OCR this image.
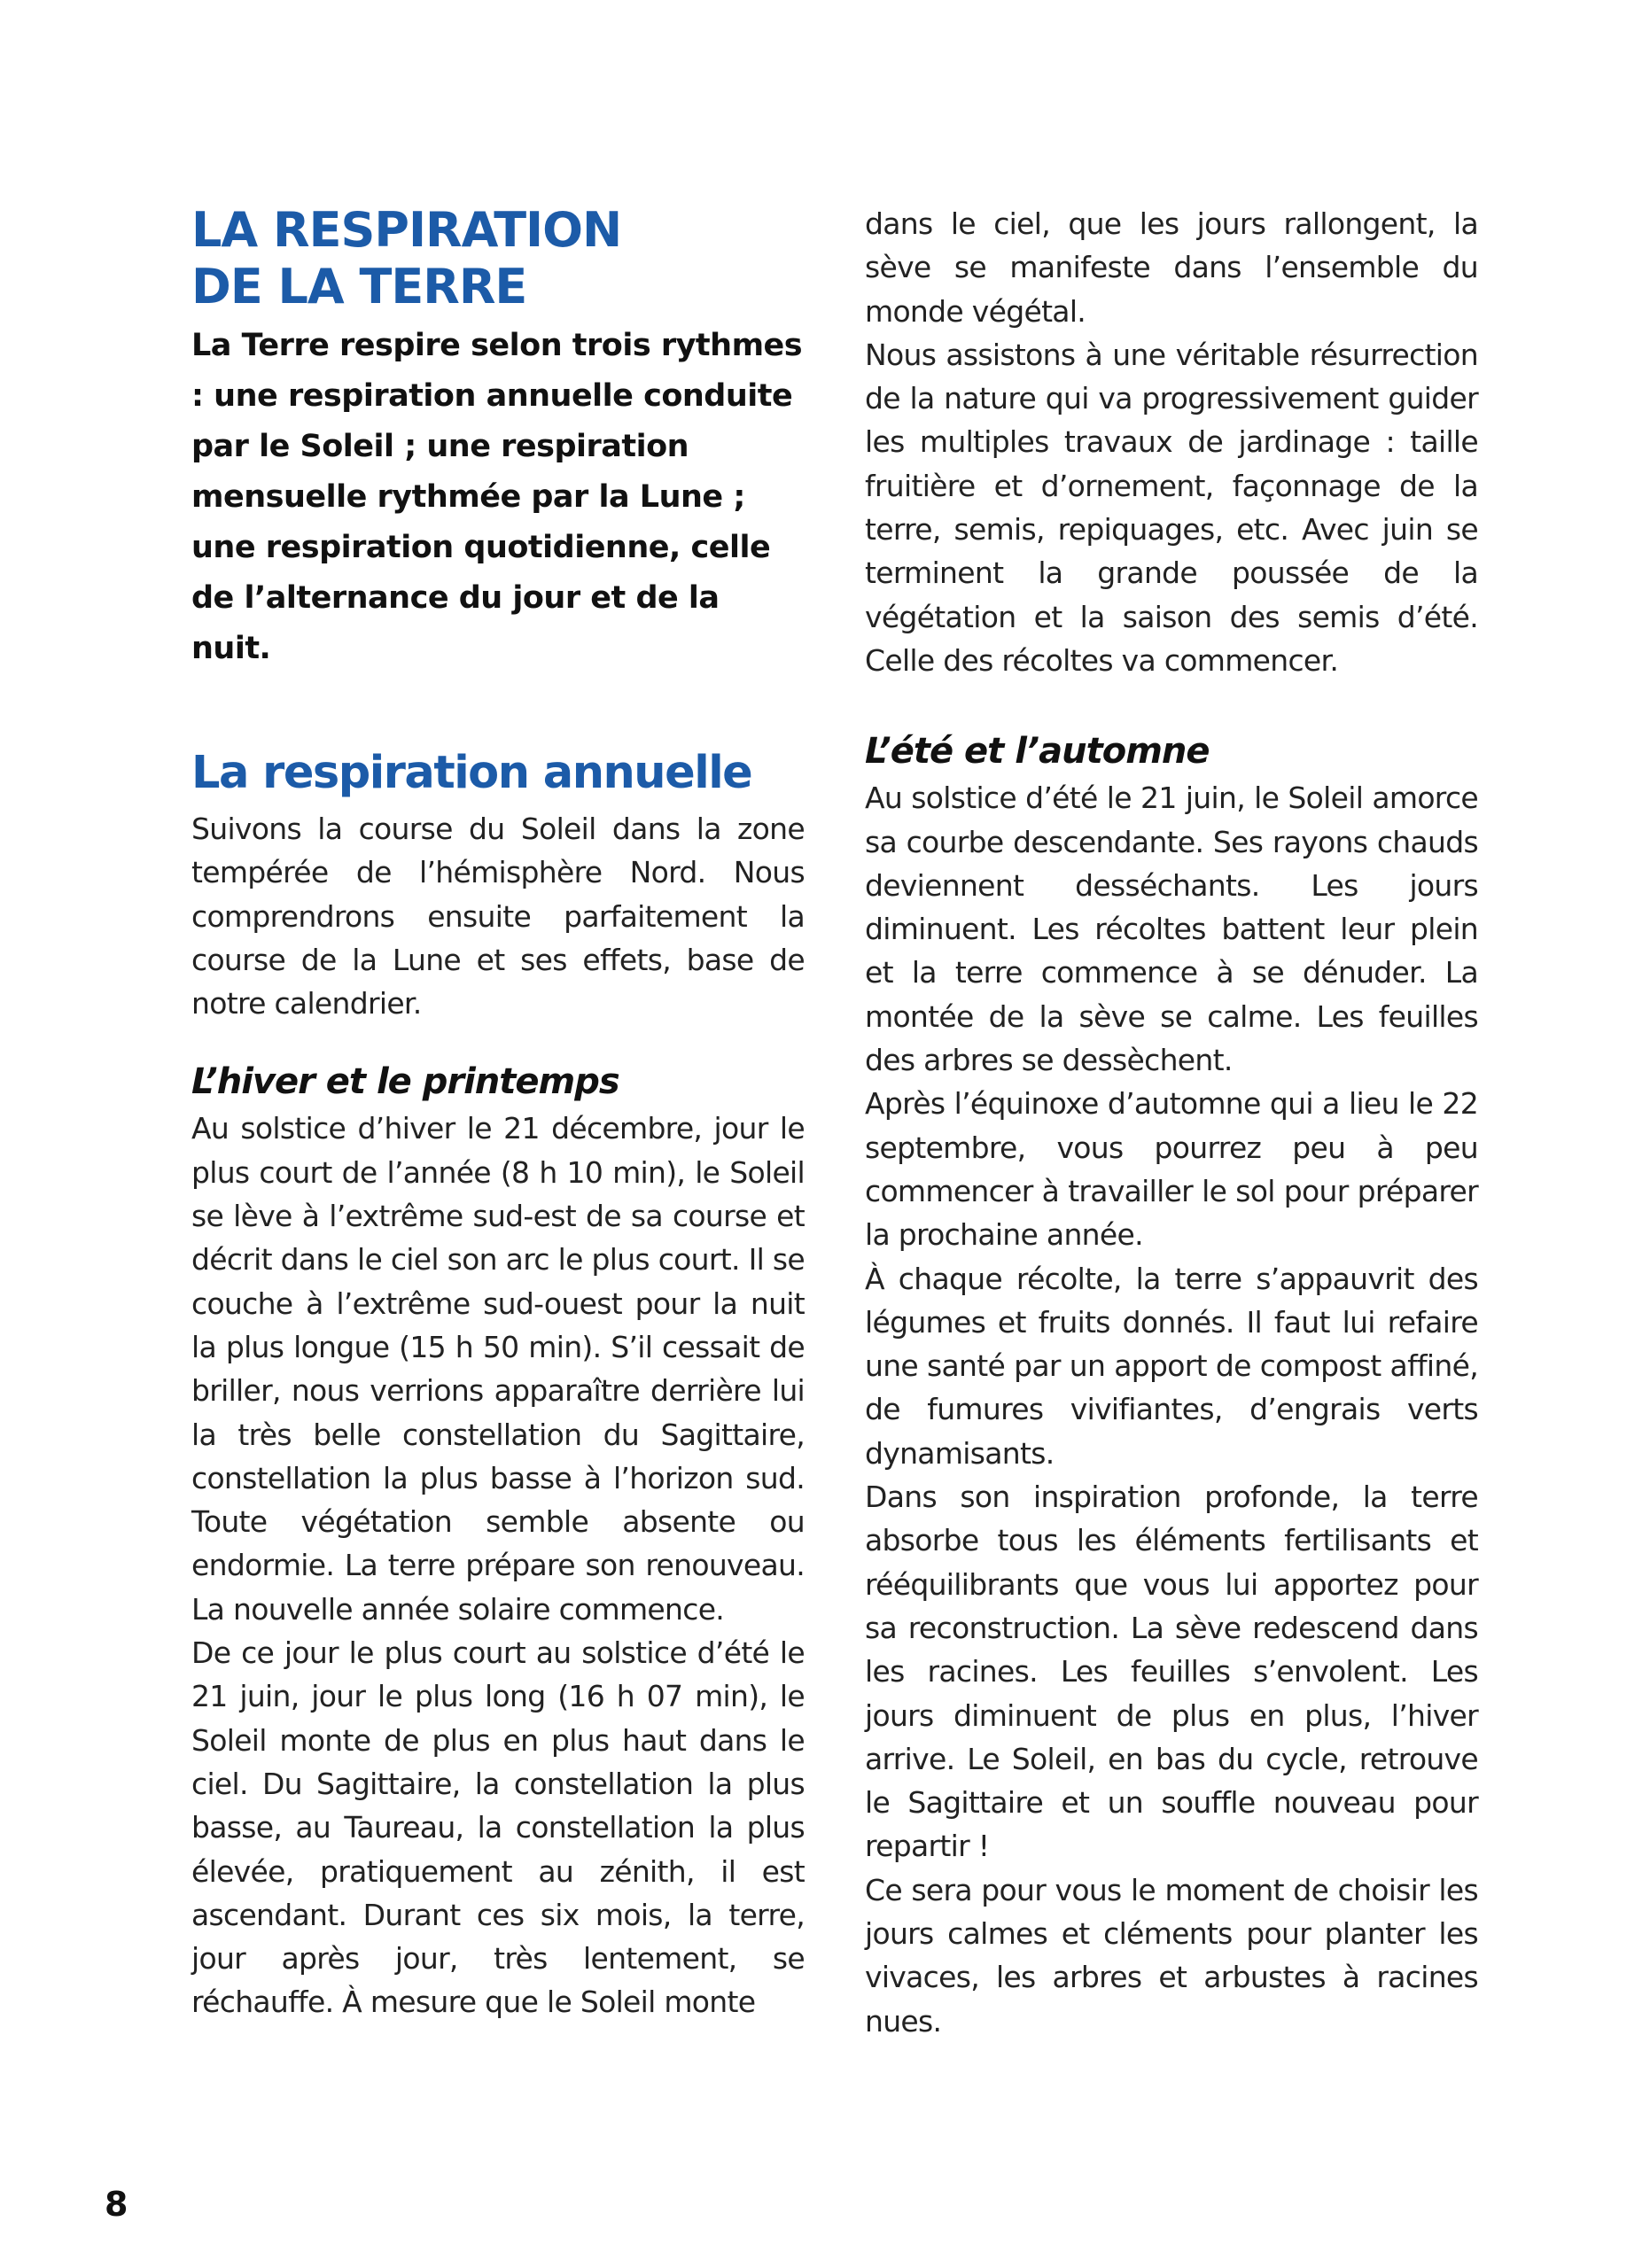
LA RESPIRATION
DE LA TERRE

La Terre respire selon trois rythmes : une respiration annuelle conduite par le Soleil ; une respiration mensuelle rythmée par la Lune ; une respiration quotidienne, celle de l’alternance du jour et de la nuit.

La respiration annuelle

Suivons la course du Soleil dans la zone tempérée de l’hémisphère Nord. Nous comprendrons ensuite parfaitement la course de la Lune et ses effets, base de notre calendrier.

L’hiver et le printemps

Au solstice d’hiver le 21 décembre, jour le plus court de l’année (8 h 10 min), le Soleil se lève à l’extrême sud-est de sa course et décrit dans le ciel son arc le plus court. Il se couche à l’extrême sud-ouest pour la nuit la plus longue (15 h 50 min). S’il cessait de briller, nous verrions apparaître derrière lui la très belle constellation du Sagittaire, constellation la plus basse à l’horizon sud. Toute végétation semble absente ou endormie. La terre prépare son renouveau. La nouvelle année solaire commence.

De ce jour le plus court au solstice d’été le 21 juin, jour le plus long (16 h 07 min), le Soleil monte de plus en plus haut dans le ciel. Du Sagittaire, la constellation la plus basse, au Taureau, la constellation la plus élevée, pratiquement au zénith, il est ascendant. Durant ces six mois, la terre, jour après jour, très lentement, se réchauffe. À mesure que le Soleil monte

dans le ciel, que les jours rallongent, la sève se manifeste dans l’ensemble du monde végétal.

Nous assistons à une véritable résurrection de la nature qui va progressivement guider les multiples travaux de jardinage : taille fruitière et d’ornement, façonnage de la terre, semis, repiquages, etc. Avec juin se terminent la grande poussée de la végétation et la saison des semis d’été. Celle des récoltes va commencer.

L’été et l’automne

Au solstice d’été le 21 juin, le Soleil amorce sa courbe descendante. Ses rayons chauds deviennent desséchants. Les jours diminuent. Les récoltes battent leur plein et la terre commence à se dénuder. La montée de la sève se calme. Les feuilles des arbres se dessèchent.

Après l’équinoxe d’automne qui a lieu le 22 septembre, vous pourrez peu à peu commencer à travailler le sol pour préparer la prochaine année.

À chaque récolte, la terre s’appauvrit des légumes et fruits donnés. Il faut lui refaire une santé par un apport de compost affiné, de fumures vivifiantes, d’engrais verts dynamisants.

Dans son inspiration profonde, la terre absorbe tous les éléments fertilisants et rééquilibrants que vous lui apportez pour sa reconstruction. La sève redescend dans les racines. Les feuilles s’envolent. Les jours diminuent de plus en plus, l’hiver arrive. Le Soleil, en bas du cycle, retrouve le Sagittaire et un souffle nouveau pour repartir !

Ce sera pour vous le moment de choisir les jours calmes et cléments pour planter les vivaces, les arbres et arbustes à racines nues.

8
